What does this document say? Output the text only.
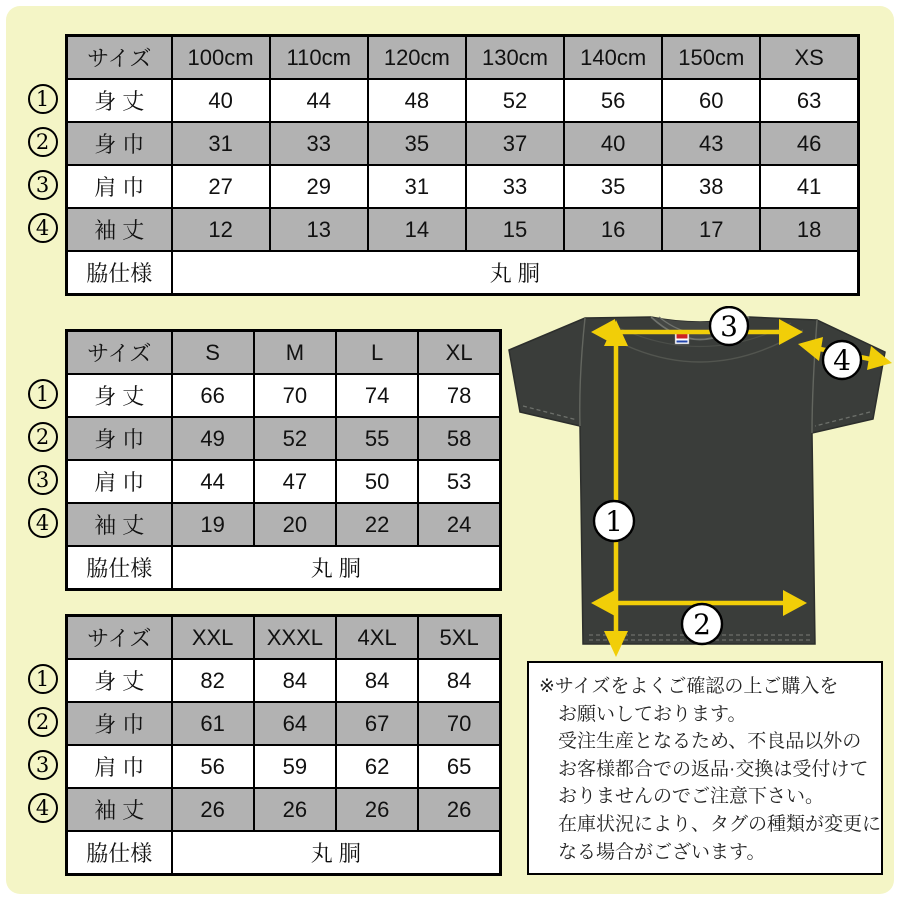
1
2
3
4
サイズ	100cm	110cm	120cm	130cm	140cm	150cm	XS
身 丈	40	44	48	52	56	60	63
身 巾	31	33	35	37	40	43	46
肩 巾	27	29	31	33	35	38	41
袖 丈	12	13	14	15	16	17	18
脇仕様	丸 胴						
1
2
3
4
サイズ	S	M	L	XL
身 丈	66	70	74	78
身 巾	49	52	55	58
肩 巾	44	47	50	53
袖 丈	19	20	22	24
脇仕様	丸 胴			
1
2
3
4
サイズ	XXL	XXXL	4XL	5XL
身 丈	82	84	84	84
身 巾	61	64	67	70
肩 巾	56	59	62	65
袖 丈	26	26	26	26
脇仕様	丸 胴			
3
4
1
2

※サイズをよくご確認の上ご購入を

お願いしております。

受注生産となるため、不良品以外の

お客様都合での返品·交換は受付けて

おりませんのでご注意下さい。

在庫状況により、タグの種類が変更に

なる場合がございます。
